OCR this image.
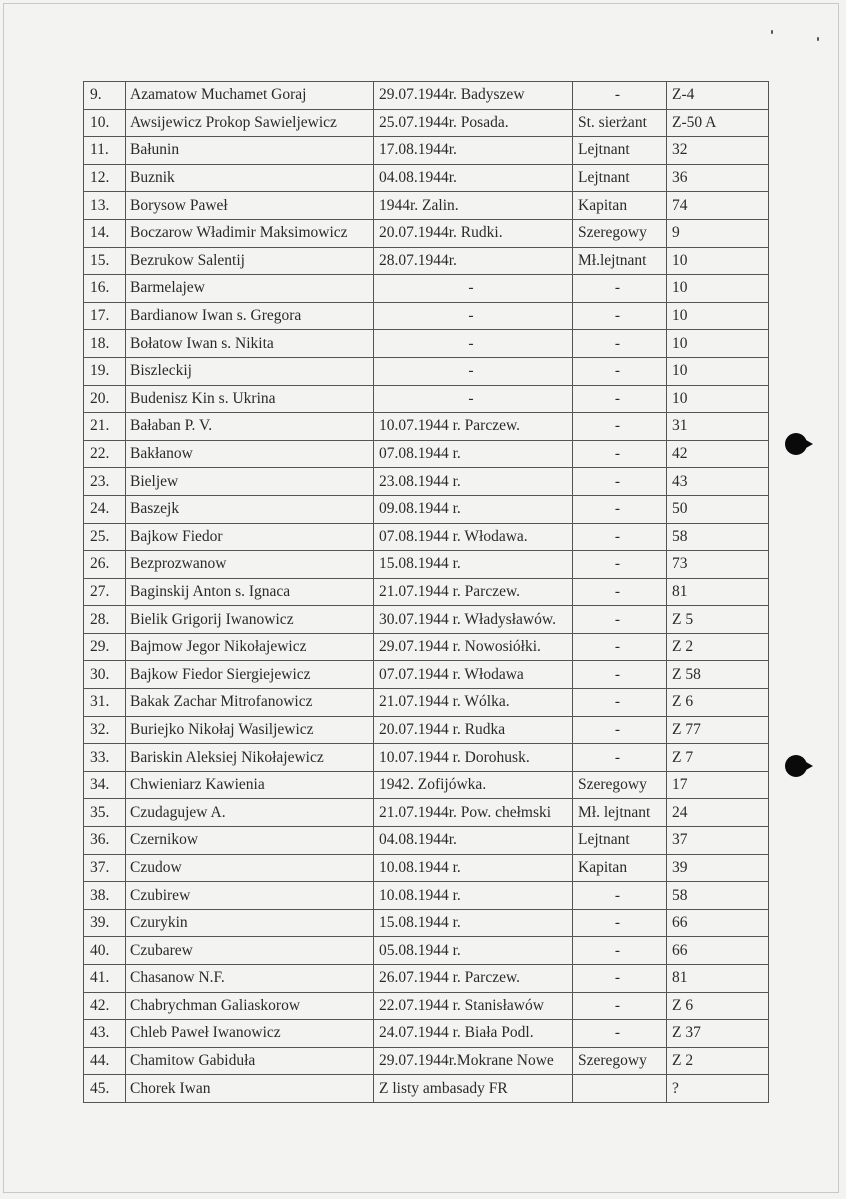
9.	Azamatow Muchamet Goraj	29.07.1944r. Badyszew	-	Z-4
10.	Awsijewicz Prokop Sawieljewicz	25.07.1944r. Posada.	St. sierżant	Z-50 A
11.	Bałunin	17.08.1944r.	Lejtnant	32
12.	Buznik	04.08.1944r.	Lejtnant	36
13.	Borysow Paweł	1944r. Zalin.	Kapitan	74
14.	Boczarow Władimir Maksimowicz	20.07.1944r. Rudki.	Szeregowy	9
15.	Bezrukow Salentij	28.07.1944r.	Mł.lejtnant	10
16.	Barmelajew	-	-	10
17.	Bardianow Iwan s. Gregora	-	-	10
18.	Bołatow Iwan s. Nikita	-	-	10
19.	Biszleckij	-	-	10
20.	Budenisz Kin s. Ukrina	-	-	10
21.	Bałaban P. V.	10.07.1944 r. Parczew.	-	31
22.	Bakłanow	07.08.1944 r.	-	42
23.	Bieljew	23.08.1944 r.	-	43
24.	Baszejk	09.08.1944 r.	-	50
25.	Bajkow Fiedor	07.08.1944 r. Włodawa.	-	58
26.	Bezprozwanow	15.08.1944 r.	-	73
27.	Baginskij Anton s. Ignaca	21.07.1944 r. Parczew.	-	81
28.	Bielik Grigorij Iwanowicz	30.07.1944 r. Władysławów.	-	Z 5
29.	Bajmow Jegor Nikołajewicz	29.07.1944 r. Nowosiółki.	-	Z 2
30.	Bajkow Fiedor Siergiejewicz	07.07.1944 r. Włodawa	-	Z 58
31.	Bakak Zachar Mitrofanowicz	21.07.1944 r. Wólka.	-	Z 6
32.	Buriejko Nikołaj Wasiljewicz	20.07.1944 r. Rudka	-	Z 77
33.	Bariskin Aleksiej Nikołajewicz	10.07.1944 r. Dorohusk.	-	Z 7
34.	Chwieniarz Kawienia	1942. Zofijówka.	Szeregowy	17
35.	Czudagujew A.	21.07.1944r. Pow. chełmski	Mł. lejtnant	24
36.	Czernikow	04.08.1944r.	Lejtnant	37
37.	Czudow	10.08.1944 r.	Kapitan	39
38.	Czubirew	10.08.1944 r.	-	58
39.	Czurykin	15.08.1944 r.	-	66
40.	Czubarew	05.08.1944 r.	-	66
41.	Chasanow N.F.	26.07.1944 r. Parczew.	-	81
42.	Chabrychman Galiaskorow	22.07.1944 r. Stanisławów	-	Z 6
43.	Chleb Paweł Iwanowicz	24.07.1944 r. Biała Podl.	-	Z 37
44.	Chamitow Gabiduła	29.07.1944r.Mokrane Nowe	Szeregowy	Z 2
45.	Chorek Iwan	Z listy ambasady FR		?
